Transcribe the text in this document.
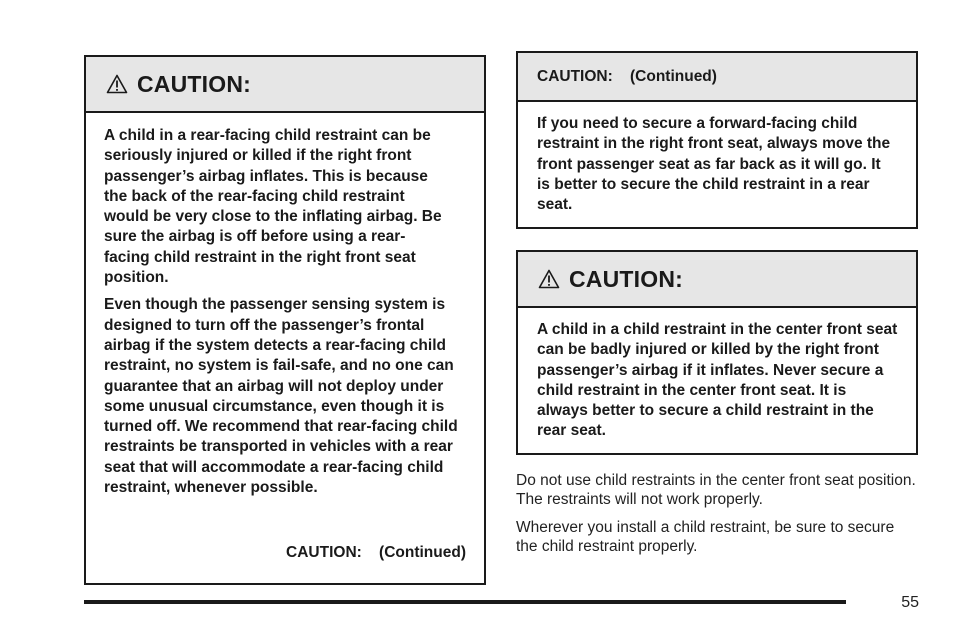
CAUTION:

A child in a rear-facing child restraint can be seriously injured or killed if the right front passenger’s airbag inflates. This is because the back of the rear-facing child restraint would be very close to the inflating airbag. Be sure the airbag is off before using a rear-facing child restraint in the right front seat position.

Even though the passenger sensing system is designed to turn off the passenger’s frontal airbag if the system detects a rear-facing child restraint, no system is fail-safe, and no one can guarantee that an airbag will not deploy under some unusual circumstance, even though it is turned off. We recommend that rear-facing child restraints be transported in vehicles with a rear seat that will accommodate a rear-facing child restraint, whenever possible.

CAUTION:    (Continued)
CAUTION:    (Continued)

If you need to secure a forward-facing child restraint in the right front seat, always move the front passenger seat as far back as it will go. It is better to secure the child restraint in a rear seat.

CAUTION:

A child in a child restraint in the center front seat can be badly injured or killed by the right front passenger’s airbag if it inflates. Never secure a child restraint in the center front seat. It is always better to secure a child restraint in the rear seat.

Do not use child restraints in the center front seat position. The restraints will not work properly.

Wherever you install a child restraint, be sure to secure the child restraint properly.

55
